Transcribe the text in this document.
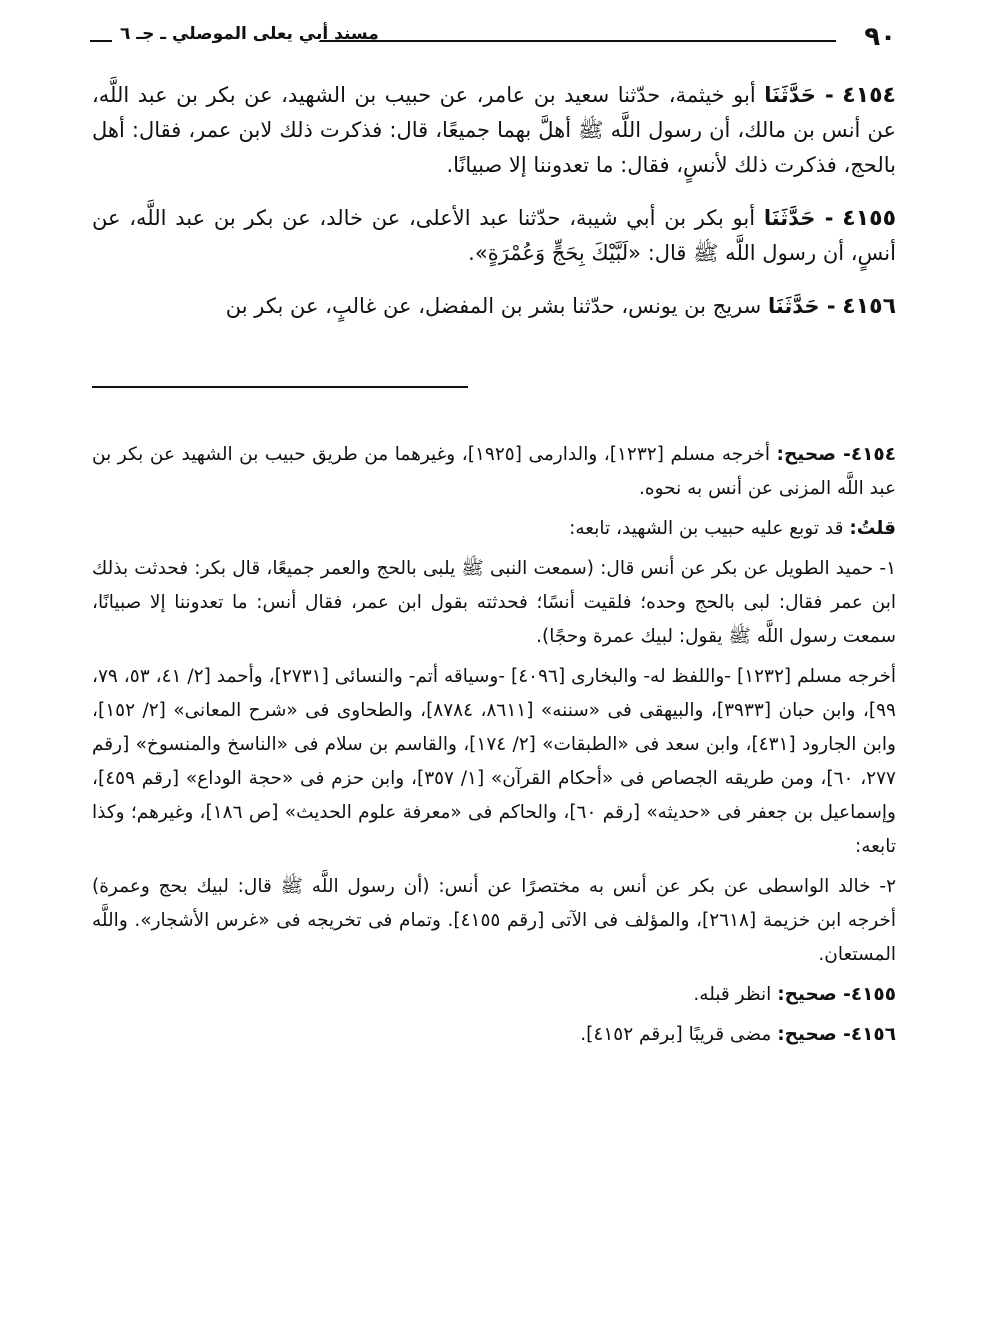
٩٠
مسند أبي يعلى الموصلي ـ جـ ٦

٤١٥٤ - حَدَّثَنَا أبو خيثمة، حدّثنا سعيد بن عامر، عن حبيب بن الشهيد، عن بكر بن عبد اللَّه، عن أنس بن مالك، أن رسول اللَّه ﷺ أهلَّ بهما جميعًا، قال: فذكرت ذلك لابن عمر، فقال: أهل بالحج، فذكرت ذلك لأنسٍ، فقال: ما تعدوننا إلا صبيانًا.

٤١٥٥ - حَدَّثَنَا أبو بكر بن أبي شيبة، حدّثنا عبد الأعلى، عن خالد، عن بكر بن عبد اللَّه، عن أنسٍ، أن رسول اللَّه ﷺ قال: «لَبَّيْكَ بِحَجٍّ وَعُمْرَةٍ».

٤١٥٦ - حَدَّثَنَا سريج بن يونس، حدّثنا بشر بن المفضل، عن غالبٍ، عن بكر بن

٤١٥٤- صحيح: أخرجه مسلم [١٢٣٢]، والدارمى [١٩٢٥]، وغيرهما من طريق حبيب بن الشهيد عن بكر بن عبد اللَّه المزنى عن أنس به نحوه.

قلتُ: قد توبع عليه حبيب بن الشهيد، تابعه:

١- حميد الطويل عن بكر عن أنس قال: (سمعت النبى ﷺ يلبى بالحج والعمر جميعًا، قال بكر: فحدثت بذلك ابن عمر فقال: لبى بالحج وحده؛ فلقيت أنسًا؛ فحدثته بقول ابن عمر، فقال أنس: ما تعدوننا إلا صبيانًا، سمعت رسول اللَّه ﷺ يقول: لبيك عمرة وحجًا).

أخرجه مسلم [١٢٣٢] -واللفظ له- والبخارى [٤٠٩٦] -وسياقه أتم- والنسائى [٢٧٣١]، وأحمد [٢/ ٤١، ٥٣، ٧٩، ٩٩]، وابن حبان [٣٩٣٣]، والبيهقى فى «سننه» [٨٦١١، ٨٧٨٤]، والطحاوى فى «شرح المعانى» [٢/ ١٥٢]، وابن الجارود [٤٣١]، وابن سعد فى «الطبقات» [٢/ ١٧٤]، والقاسم بن سلام فى «الناسخ والمنسوخ» [رقم ٢٧٧، ٦٠]، ومن طريقه الجصاص فى «أحكام القرآن» [١/ ٣٥٧]، وابن حزم فى «حجة الوداع» [رقم ٤٥٩]، وإسماعيل بن جعفر فى «حديثه» [رقم ٦٠]، والحاكم فى «معرفة علوم الحديث» [ص ١٨٦]، وغيرهم؛ وكذا تابعه:

٢- خالد الواسطى عن بكر عن أنس به مختصرًا عن أنس: (أن رسول اللَّه ﷺ قال: لبيك بحج وعمرة) أخرجه ابن خزيمة [٢٦١٨]، والمؤلف فى الآتى [رقم ٤١٥٥]. وتمام فى تخريجه فى «غرس الأشجار». واللَّه المستعان.

٤١٥٥- صحيح: انظر قبله.

٤١٥٦- صحيح: مضى قريبًا [برقم ٤١٥٢].
